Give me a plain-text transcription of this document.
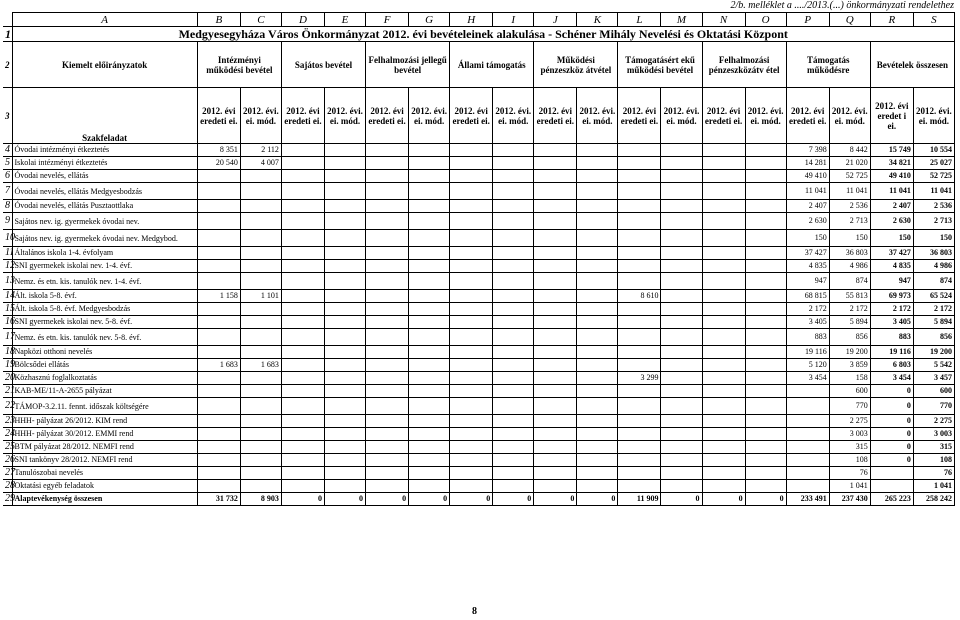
2/b. melléklet a ..../2013.(...) önkormányzati rendelethez
	A	B	C	D	E	F	G	H	I	J	K	L	M	N	O	P	Q	R	S
1	Medgyesegyháza Város Önkormányzat 2012. évi bevételeinek alakulása - Schéner Mihály Nevelési és Oktatási Központ																		
2	Kiemelt előirányzatok	Intézményi működési bevétel		Sajátos bevétel		Felhalmozási jellegű bevétel		Állami támogatás		Működési pénzeszköz átvétel		Támogatásért ekű működési bevétel		Felhalmozási pénzeszközátv étel		Támogatás működésre		Bevételek összesen	
3	Szakfeladat	2012. évi eredeti ei.	2012. évi. ei. mód.	2012. évi eredeti ei.	2012. évi. ei. mód.	2012. évi eredeti ei.	2012. évi. ei. mód.	2012. évi eredeti ei.	2012. évi. ei. mód.	2012. évi eredeti ei.	2012. évi. ei. mód.	2012. évi eredeti ei.	2012. évi. ei. mód.	2012. évi eredeti ei.	2012. évi. ei. mód.	2012. évi eredeti ei.	2012. évi. ei. mód.	2012. évi eredet i ei.	2012. évi. ei. mód.
4	Óvodai intézményi étkeztetés	8 351	2 112													7 398	8 442	15 749	10 554
5	Iskolai intézményi étkeztetés	20 540	4 007													14 281	21 020	34 821	25 027
6	Óvodai nevelés, ellátás															49 410	52 725	49 410	52 725
7	Óvodai nevelés, ellátás Medgyesbodzás															11 041	11 041	11 041	11 041
8	Óvodai nevelés, ellátás Pusztaottlaka															2 407	2 536	2 407	2 536
9	Sajátos nev. ig. gyermekek óvodai nev.															2 630	2 713	2 630	2 713
10	Sajátos nev. ig. gyermekek óvodai nev. Medgybod.															150	150	150	150
11	Általános iskola 1-4. évfolyam															37 427	36 803	37 427	36 803
12	SNI gyermekek iskolai nev. 1-4. évf.															4 835	4 986	4 835	4 986
13	Nemz. és etn. kis. tanulók nev. 1-4. évf.															947	874	947	874
14	Ált. iskola 5-8. évf.	1 158	1 101									8 610				68 815	55 813	69 973	65 524
15	Ált. iskola 5-8. évf. Medgyesbodzás															2 172	2 172	2 172	2 172
16	SNI gyermekek iskolai nev. 5-8. évf.															3 405	5 894	3 405	5 894
17	Nemz. és etn. kis. tanulók nev. 5-8. évf.															883	856	883	856
18	Napközi otthoni nevelés															19 116	19 200	19 116	19 200
19	Bölcsődei ellátás	1 683	1 683													5 120	3 859	6 803	5 542
20	Közhasznú foglalkoztatás											3 299				3 454	158	3 454	3 457
21	KAB-ME/11-A-2655 pályázat																600	0	600
22	TÁMOP-3.2.11. fennt. időszak költségére																770	0	770
23	HHH- pályázat 26/2012. KIM rend																2 275	0	2 275
24	HHH- pályázat 30/2012. EMMI rend																3 003	0	3 003
25	BTM pályázat 28/2012. NEMFI rend																315	0	315
26	SNI tankönyv 28/2012. NEMFI rend																108	0	108
27	Tanulószobai nevelés																76		76
28	Oktatási egyéb feladatok																1 041		1 041
29	Alaptevékenység összesen	31 732	8 903	0	0	0	0	0	0	0	0	11 909	0	0	0	233 491	237 430	265 223	258 242
8
